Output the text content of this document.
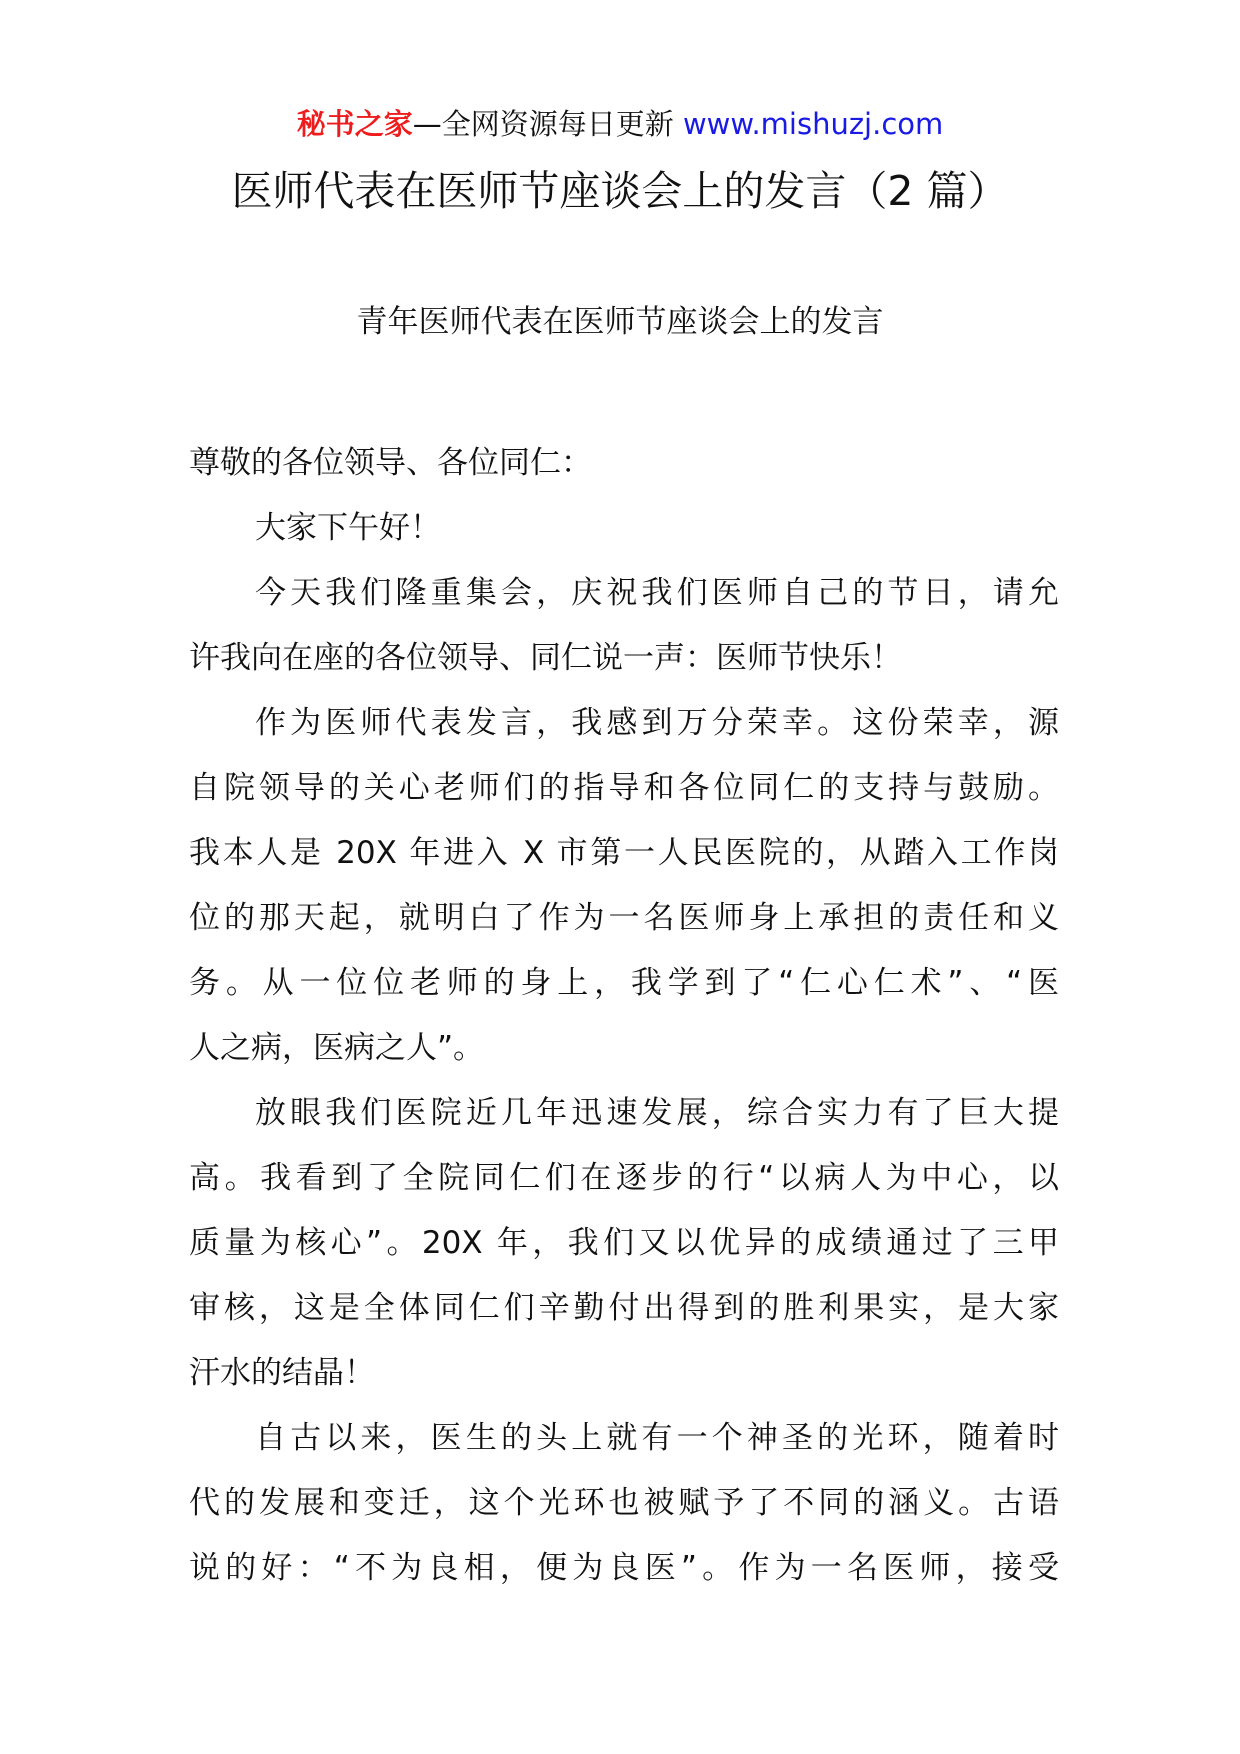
秘书之家—全网资源每日更新 www.mishuzj.com
医师代表在医师节座谈会上的发言（2 篇）
青年医师代表在医师节座谈会上的发言
尊敬的各位领导、各位同仁：
大家下午好！
今天我们隆重集会，庆祝我们医师自己的节日，请允
许我向在座的各位领导、同仁说一声：医师节快乐！
作为医师代表发言，我感到万分荣幸。这份荣幸，源
自院领导的关心老师们的指导和各位同仁的支持与鼓励。
我本人是 20X 年进入 X 市第一人民医院的，从踏入工作岗
位的那天起，就明白了作为一名医师身上承担的责任和义
务。从一位位老师的身上，我学到了“仁心仁术”、“医
人之病，医病之人”。
放眼我们医院近几年迅速发展，综合实力有了巨大提
高。我看到了全院同仁们在逐步的行“以病人为中心，以
质量为核心”。20X 年，我们又以优异的成绩通过了三甲
审核，这是全体同仁们辛勤付出得到的胜利果实，是大家
汗水的结晶！
自古以来，医生的头上就有一个神圣的光环，随着时
代的发展和变迁，这个光环也被赋予了不同的涵义。古语
说的好：“不为良相，便为良医”。作为一名医师，接受
